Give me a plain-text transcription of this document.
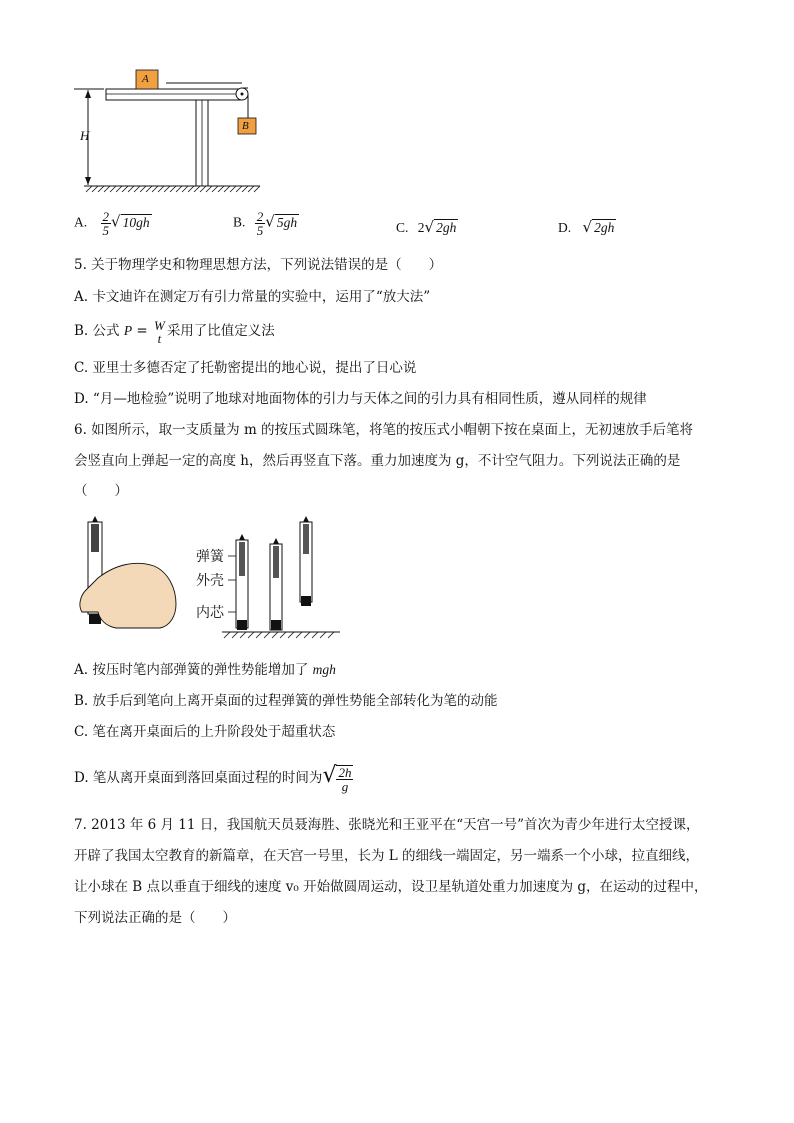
A
B
H
A. $\frac{2}{5}$ √ 10gh	B. $\frac{2}{5}$ √ 5gh	C. 2√ 2gh	D. √ 2gh
5. 关于物理学史和物理思想方法，下列说法错误的是（　　）
A. 卡文迪许在测定万有引力常量的实验中，运用了“放大法”
B. 公式 P = W
t 采用了比值定义法
C. 亚里士多德否定了托勒密提出的地心说，提出了日心说
D. “月—地检验”说明了地球对地面物体的引力与天体之间的引力具有相同性质，遵从同样的规律
6. 如图所示，取一支质量为 m 的按压式圆珠笔，将笔的按压式小帽朝下按在桌面上，无初速放手后笔将
会竖直向上弹起一定的高度 h，然后再竖直下落。重力加速度为 g，不计空气阻力。下列说法正确的是
（　　）
弹簧
外壳
内芯
A. 按压时笔内部弹簧的弹性势能增加了 mgh
B. 放手后到笔向上离开桌面的过程弹簧的弹性势能全部转化为笔的动能
C. 笔在离开桌面后的上升阶段处于超重状态
D. 笔从离开桌面到落回桌面过程的时间为√ $\frac{2h}{g}$
7. 2013 年 6 月 11 日，我国航天员聂海胜、张晓光和王亚平在“天宫一号”首次为青少年进行太空授课，
开辟了我国太空教育的新篇章，在天宫一号里，长为 L 的细线一端固定，另一端系一个小球，拉直细线，
让小球在 B 点以垂直于细线的速度 v₀ 开始做圆周运动，设卫星轨道处重力加速度为 g，在运动的过程中，
下列说法正确的是（　　）
